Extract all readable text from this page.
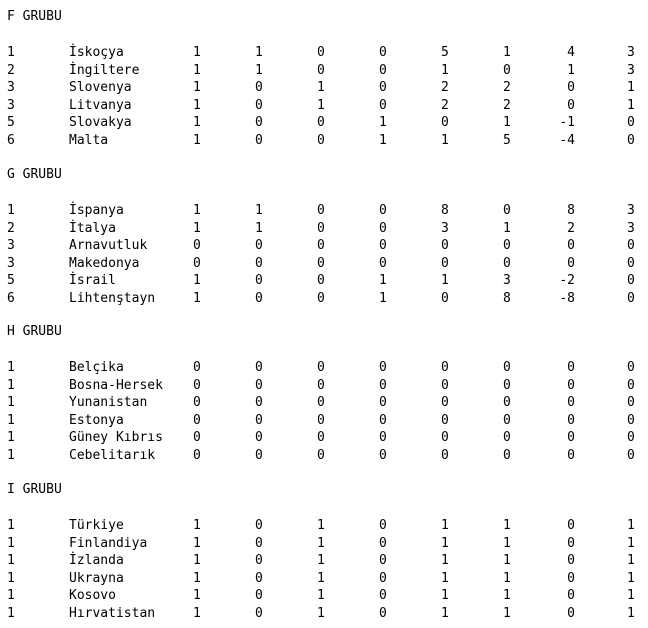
F GRUBU
1	İskoçya	1	1	0	0	5	1	4	3
2	İngiltere	1	1	0	0	1	0	1	3
3	Slovenya	1	0	1	0	2	2	0	1
3	Litvanya	1	0	1	0	2	2	0	1
5	Slovakya	1	0	0	1	0	1	-1	0
6	Malta	1	0	0	1	1	5	-4	0
G GRUBU
1	İspanya	1	1	0	0	8	0	8	3
2	İtalya	1	1	0	0	3	1	2	3
3	Arnavutluk	0	0	0	0	0	0	0	0
3	Makedonya	0	0	0	0	0	0	0	0
5	İsrail	1	0	0	1	1	3	-2	0
6	Lihtenştayn	1	0	0	1	0	8	-8	0
H GRUBU
1	Belçika	0	0	0	0	0	0	0	0
1	Bosna-Hersek 0	0	0	0	0	0	0	0
1	Yunanistan	0	0	0	0	0	0	0	0
1	Estonya	0	0	0	0	0	0	0	0
1	Güney Kıbrıs 0	0	0	0	0	0	0	0
1	Cebelitarık	0	0	0	0	0	0	0	0
I GRUBU
1	Türkiye	1	0	1	0	1	1	0	1
1	Finlandiya	1	0	1	0	1	1	0	1
1	İzlanda	1	0	1	0	1	1	0	1
1	Ukrayna	1	0	1	0	1	1	0	1
1	Kosovo	1	0	1	0	1	1	0	1
1	Hırvatistan	1	0	1	0	1	1	0	1
